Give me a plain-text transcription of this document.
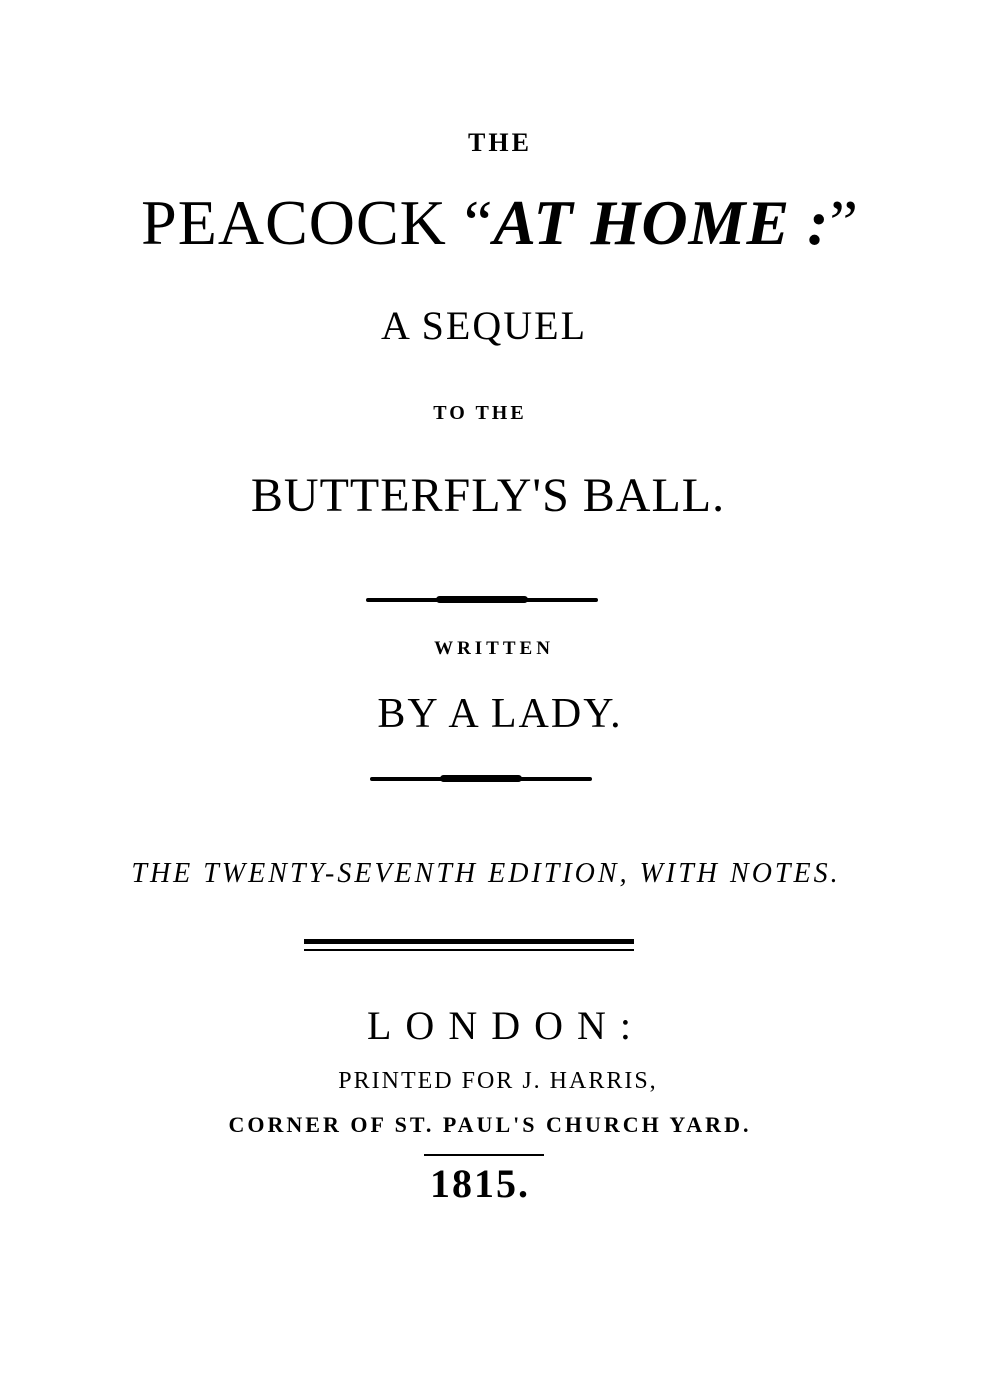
THE
PEACOCK “AT HOME :”
A SEQUEL
TO THE
BUTTERFLY'S BALL.
WRITTEN
BY A LADY.
THE TWENTY-SEVENTH EDITION, WITH NOTES.
LONDON:
PRINTED FOR J. HARRIS,
CORNER OF ST. PAUL'S CHURCH YARD.
1815.
